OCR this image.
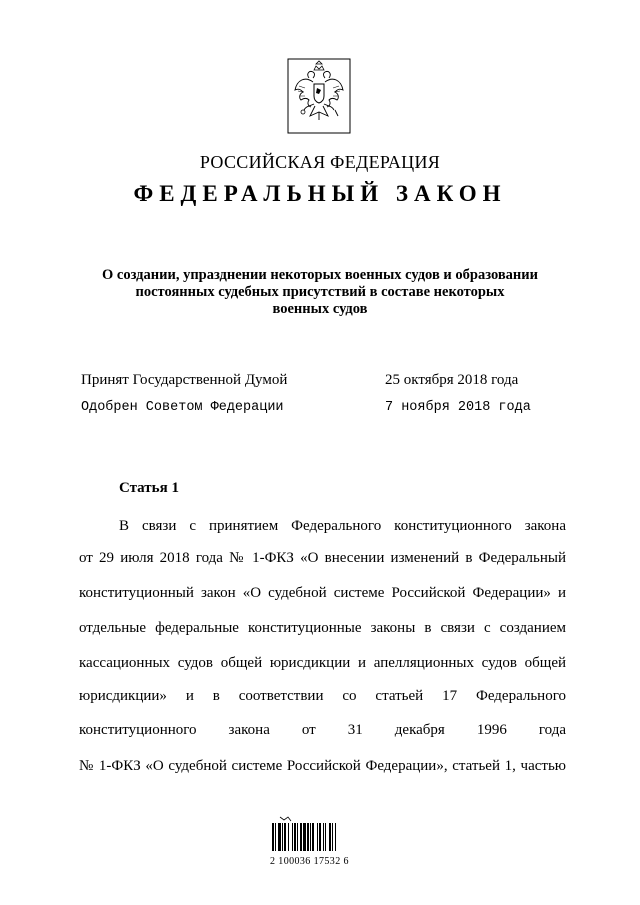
РОССИЙСКАЯ ФЕДЕРАЦИЯ
ФЕДЕРАЛЬНЫЙ ЗАКОН
О создании, упразднении некоторых военных судов и образовании
постоянных судебных присутствий в составе некоторых
военных судов
Принят Государственной Думой	25 октября 2018 года
Одобрен Советом Федерации	7 ноября 2018 года
Статья 1
В связи с принятием Федерального конституционного закона
от 29 июля 2018 года № 1-ФКЗ «О внесении изменений в Федеральный
конституционный закон «О судебной системе Российской Федерации» и
отдельные федеральные конституционные законы в связи с созданием
кассационных судов общей юрисдикции и апелляционных судов общей
юрисдикции» и в соответствии со статьей 17 Федерального
конституционного закона от 31 декабря 1996 года
№ 1-ФКЗ «О судебной системе Российской Федерации», статьей 1, частью
2 100036 17532 6
